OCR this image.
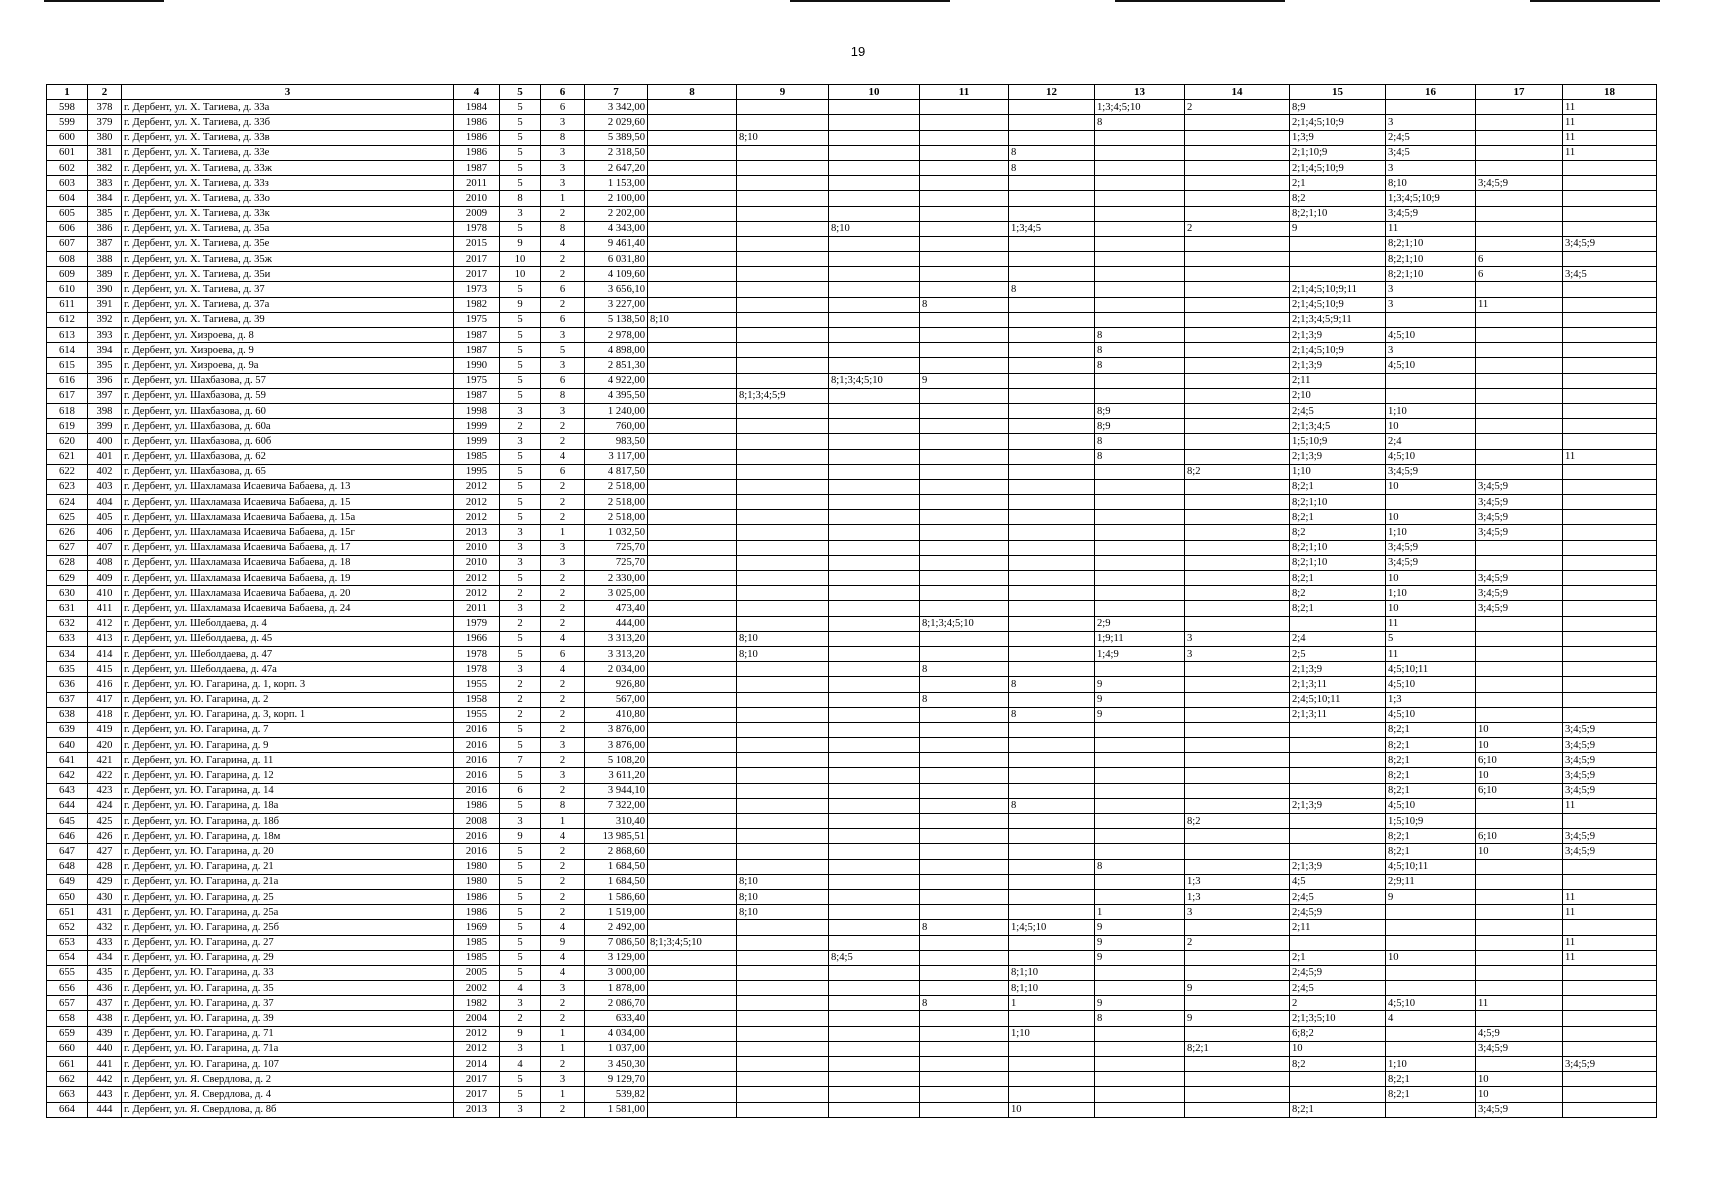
19
1	2	3	4	5	6	7	8	9	10	11	12	13	14	15	16	17	18
598	378	г. Дербент, ул. Х. Тагиева, д. 33а	1984	5	6	3 342,00						1;3;4;5;10	2	8;9			11
599	379	г. Дербент, ул. Х. Тагиева, д. 33б	1986	5	3	2 029,60						8		2;1;4;5;10;9	3		11
600	380	г. Дербент, ул. Х. Тагиева, д. 33в	1986	5	8	5 389,50		8;10						1;3;9	2;4;5		11
601	381	г. Дербент, ул. Х. Тагиева, д. 33е	1986	5	3	2 318,50					8			2;1;10;9	3;4;5		11
602	382	г. Дербент, ул. Х. Тагиева, д. 33ж	1987	5	3	2 647,20					8			2;1;4;5;10;9	3		
603	383	г. Дербент, ул. Х. Тагиева, д. 33з	2011	5	3	1 153,00								2;1	8;10	3;4;5;9	
604	384	г. Дербент, ул. Х. Тагиева, д. 33о	2010	8	1	2 100,00								8;2	1;3;4;5;10;9		
605	385	г. Дербент, ул. Х. Тагиева, д. 33к	2009	3	2	2 202,00								8;2;1;10	3;4;5;9		
606	386	г. Дербент, ул. Х. Тагиева, д. 35а	1978	5	8	4 343,00			8;10		1;3;4;5		2	9	11		
607	387	г. Дербент, ул. Х. Тагиева, д. 35е	2015	9	4	9 461,40									8;2;1;10		3;4;5;9
608	388	г. Дербент, ул. Х. Тагиева, д. 35ж	2017	10	2	6 031,80									8;2;1;10	6	
609	389	г. Дербент, ул. Х. Тагиева, д. 35и	2017	10	2	4 109,60									8;2;1;10	6	3;4;5
610	390	г. Дербент, ул. Х. Тагиева, д. 37	1973	5	6	3 656,10					8			2;1;4;5;10;9;11	3		
611	391	г. Дербент, ул. Х. Тагиева, д. 37а	1982	9	2	3 227,00				8				2;1;4;5;10;9	3	11	
612	392	г. Дербент, ул. Х. Тагиева, д. 39	1975	5	6	5 138,50	8;10							2;1;3;4;5;9;11			
613	393	г. Дербент, ул. Хизроева, д. 8	1987	5	3	2 978,00						8		2;1;3;9	4;5;10		
614	394	г. Дербент, ул. Хизроева, д. 9	1987	5	5	4 898,00						8		2;1;4;5;10;9	3		
615	395	г. Дербент, ул. Хизроева, д. 9а	1990	5	3	2 851,30						8		2;1;3;9	4;5;10		
616	396	г. Дербент, ул. Шахбазова, д. 57	1975	5	6	4 922,00			8;1;3;4;5;10	9				2;11			
617	397	г. Дербент, ул. Шахбазова, д. 59	1987	5	8	4 395,50		8;1;3;4;5;9						2;10			
618	398	г. Дербент, ул. Шахбазова, д. 60	1998	3	3	1 240,00						8;9		2;4;5	1;10		
619	399	г. Дербент, ул. Шахбазова, д. 60а	1999	2	2	760,00						8;9		2;1;3;4;5	10		
620	400	г. Дербент, ул. Шахбазова, д. 60б	1999	3	2	983,50						8		1;5;10;9	2;4		
621	401	г. Дербент, ул. Шахбазова, д. 62	1985	5	4	3 117,00						8		2;1;3;9	4;5;10		11
622	402	г. Дербент, ул. Шахбазова, д. 65	1995	5	6	4 817,50							8;2	1;10	3;4;5;9		
623	403	г. Дербент, ул. Шахламаза Исаевича Бабаева, д. 13	2012	5	2	2 518,00								8;2;1	10	3;4;5;9	
624	404	г. Дербент, ул. Шахламаза Исаевича Бабаева, д. 15	2012	5	2	2 518,00								8;2;1;10		3;4;5;9	
625	405	г. Дербент, ул. Шахламаза Исаевича Бабаева, д. 15а	2012	5	2	2 518,00								8;2;1	10	3;4;5;9	
626	406	г. Дербент, ул. Шахламаза Исаевича Бабаева, д. 15г	2013	3	1	1 032,50								8;2	1;10	3;4;5;9	
627	407	г. Дербент, ул. Шахламаза Исаевича Бабаева, д. 17	2010	3	3	725,70								8;2;1;10	3;4;5;9		
628	408	г. Дербент, ул. Шахламаза Исаевича Бабаева, д. 18	2010	3	3	725,70								8;2;1;10	3;4;5;9		
629	409	г. Дербент, ул. Шахламаза Исаевича Бабаева, д. 19	2012	5	2	2 330,00								8;2;1	10	3;4;5;9	
630	410	г. Дербент, ул. Шахламаза Исаевича Бабаева, д. 20	2012	2	2	3 025,00								8;2	1;10	3;4;5;9	
631	411	г. Дербент, ул. Шахламаза Исаевича Бабаева, д. 24	2011	3	2	473,40								8;2;1	10	3;4;5;9	
632	412	г. Дербент, ул. Шеболдаева, д. 4	1979	2	2	444,00				8;1;3;4;5;10		2;9			11		
633	413	г. Дербент, ул. Шеболдаева, д. 45	1966	5	4	3 313,20		8;10				1;9;11	3	2;4	5		
634	414	г. Дербент, ул. Шеболдаева, д. 47	1978	5	6	3 313,20		8;10				1;4;9	3	2;5	11		
635	415	г. Дербент, ул. Шеболдаева, д. 47а	1978	3	4	2 034,00				8				2;1;3;9	4;5;10;11		
636	416	г. Дербент, ул. Ю. Гагарина, д. 1, корп. 3	1955	2	2	926,80					8	9		2;1;3;11	4;5;10		
637	417	г. Дербент, ул. Ю. Гагарина, д. 2	1958	2	2	567,00				8		9		2;4;5;10;11	1;3		
638	418	г. Дербент, ул. Ю. Гагарина, д. 3, корп. 1	1955	2	2	410,80					8	9		2;1;3;11	4;5;10		
639	419	г. Дербент, ул. Ю. Гагарина, д. 7	2016	5	2	3 876,00									8;2;1	10	3;4;5;9
640	420	г. Дербент, ул. Ю. Гагарина, д. 9	2016	5	3	3 876,00									8;2;1	10	3;4;5;9
641	421	г. Дербент, ул. Ю. Гагарина, д. 11	2016	7	2	5 108,20									8;2;1	6;10	3;4;5;9
642	422	г. Дербент, ул. Ю. Гагарина, д. 12	2016	5	3	3 611,20									8;2;1	10	3;4;5;9
643	423	г. Дербент, ул. Ю. Гагарина, д. 14	2016	6	2	3 944,10									8;2;1	6;10	3;4;5;9
644	424	г. Дербент, ул. Ю. Гагарина, д. 18а	1986	5	8	7 322,00					8			2;1;3;9	4;5;10		11
645	425	г. Дербент, ул. Ю. Гагарина, д. 18б	2008	3	1	310,40							8;2		1;5;10;9		
646	426	г. Дербент, ул. Ю. Гагарина, д. 18м	2016	9	4	13 985,51									8;2;1	6;10	3;4;5;9
647	427	г. Дербент, ул. Ю. Гагарина, д. 20	2016	5	2	2 868,60									8;2;1	10	3;4;5;9
648	428	г. Дербент, ул. Ю. Гагарина, д. 21	1980	5	2	1 684,50						8		2;1;3;9	4;5;10;11		
649	429	г. Дербент, ул. Ю. Гагарина, д. 21а	1980	5	2	1 684,50		8;10					1;3	4;5	2;9;11		
650	430	г. Дербент, ул. Ю. Гагарина, д. 25	1986	5	2	1 586,60		8;10					1;3	2;4;5	9		11
651	431	г. Дербент, ул. Ю. Гагарина, д. 25а	1986	5	2	1 519,00		8;10				1	3	2;4;5;9			11
652	432	г. Дербент, ул. Ю. Гагарина, д. 25б	1969	5	4	2 492,00				8	1;4;5;10	9		2;11			
653	433	г. Дербент, ул. Ю. Гагарина, д. 27	1985	5	9	7 086,50	8;1;3;4;5;10					9	2				11
654	434	г. Дербент, ул. Ю. Гагарина, д. 29	1985	5	4	3 129,00			8;4;5			9		2;1	10		11
655	435	г. Дербент, ул. Ю. Гагарина, д. 33	2005	5	4	3 000,00					8;1;10			2;4;5;9			
656	436	г. Дербент, ул. Ю. Гагарина, д. 35	2002	4	3	1 878,00					8;1;10		9	2;4;5			
657	437	г. Дербент, ул. Ю. Гагарина, д. 37	1982	3	2	2 086,70				8	1	9		2	4;5;10	11	
658	438	г. Дербент, ул. Ю. Гагарина, д. 39	2004	2	2	633,40						8	9	2;1;3;5;10	4		
659	439	г. Дербент, ул. Ю. Гагарина, д. 71	2012	9	1	4 034,00					1;10			6;8;2		4;5;9	
660	440	г. Дербент, ул. Ю. Гагарина, д. 71а	2012	3	1	1 037,00							8;2;1	10		3;4;5;9	
661	441	г. Дербент, ул. Ю. Гагарина, д. 107	2014	4	2	3 450,30								8;2	1;10		3;4;5;9
662	442	г. Дербент, ул. Я. Свердлова, д. 2	2017	5	3	9 129,70									8;2;1	10	
663	443	г. Дербент, ул. Я. Свердлова, д. 4	2017	5	1	539,82									8;2;1	10	
664	444	г. Дербент, ул. Я. Свердлова, д. 8б	2013	3	2	1 581,00					10			8;2;1		3;4;5;9	
